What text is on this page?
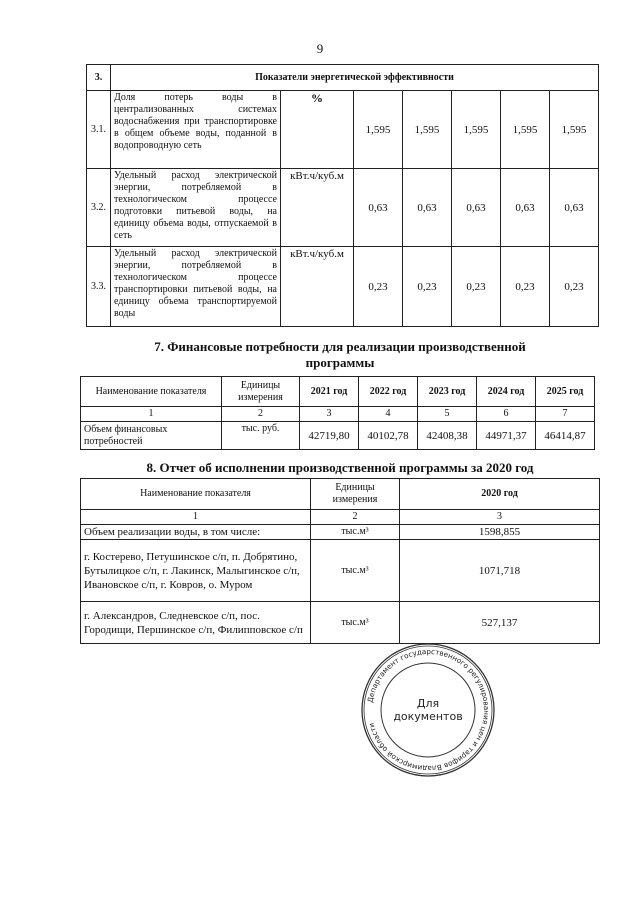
9
3.	Показатели энергетической эффективности						
3.1.	Доля потерь воды в централизованных системах водоснабжения при транспортировке в общем объеме воды, поданной в водопроводную сеть	%	1,595	1,595	1,595	1,595	1,595
3.2.	Удельный расход электрической энергии, потребляемой в технологическом процессе подготовки питьевой воды, на единицу объема воды, отпускаемой в сеть	кВт.ч/куб.м	0,63	0,63	0,63	0,63	0,63
3.3.	Удельный расход электрической энергии, потребляемой в технологическом процессе транспортировки питьевой воды, на единицу объема транспортируемой воды	кВт.ч/куб.м	0,23	0,23	0,23	0,23	0,23
7. Финансовые потребности для реализации производственной программы
Наименование показателя	Единицы измерения	2021 год	2022 год	2023 год	2024 год	2025 год
1	2	3	4	5	6	7
Объем финансовых потребностей	тыс. руб.	42719,80	40102,78	42408,38	44971,37	46414,87
8. Отчет об исполнении производственной программы за 2020 год
Наименование показателя	Единицы измерения	2020 год
1	2	3
Объем реализации воды, в том числе:	тыс.м³	1598,855
г. Костерево, Петушинское с/п, п. Добрятино, Бутылицкое с/п, г. Лакинск, Малыгинское с/п, Ивановское с/п, г. Ковров, о. Муром	тыс.м³	1071,718
г. Александров, Следневское с/п, пос. Городищи, Першинское с/п, Филипповское с/п	тыс.м³	527,137
Департамент государственного регулирования цен и тарифов Владимирской области
Для
документов
